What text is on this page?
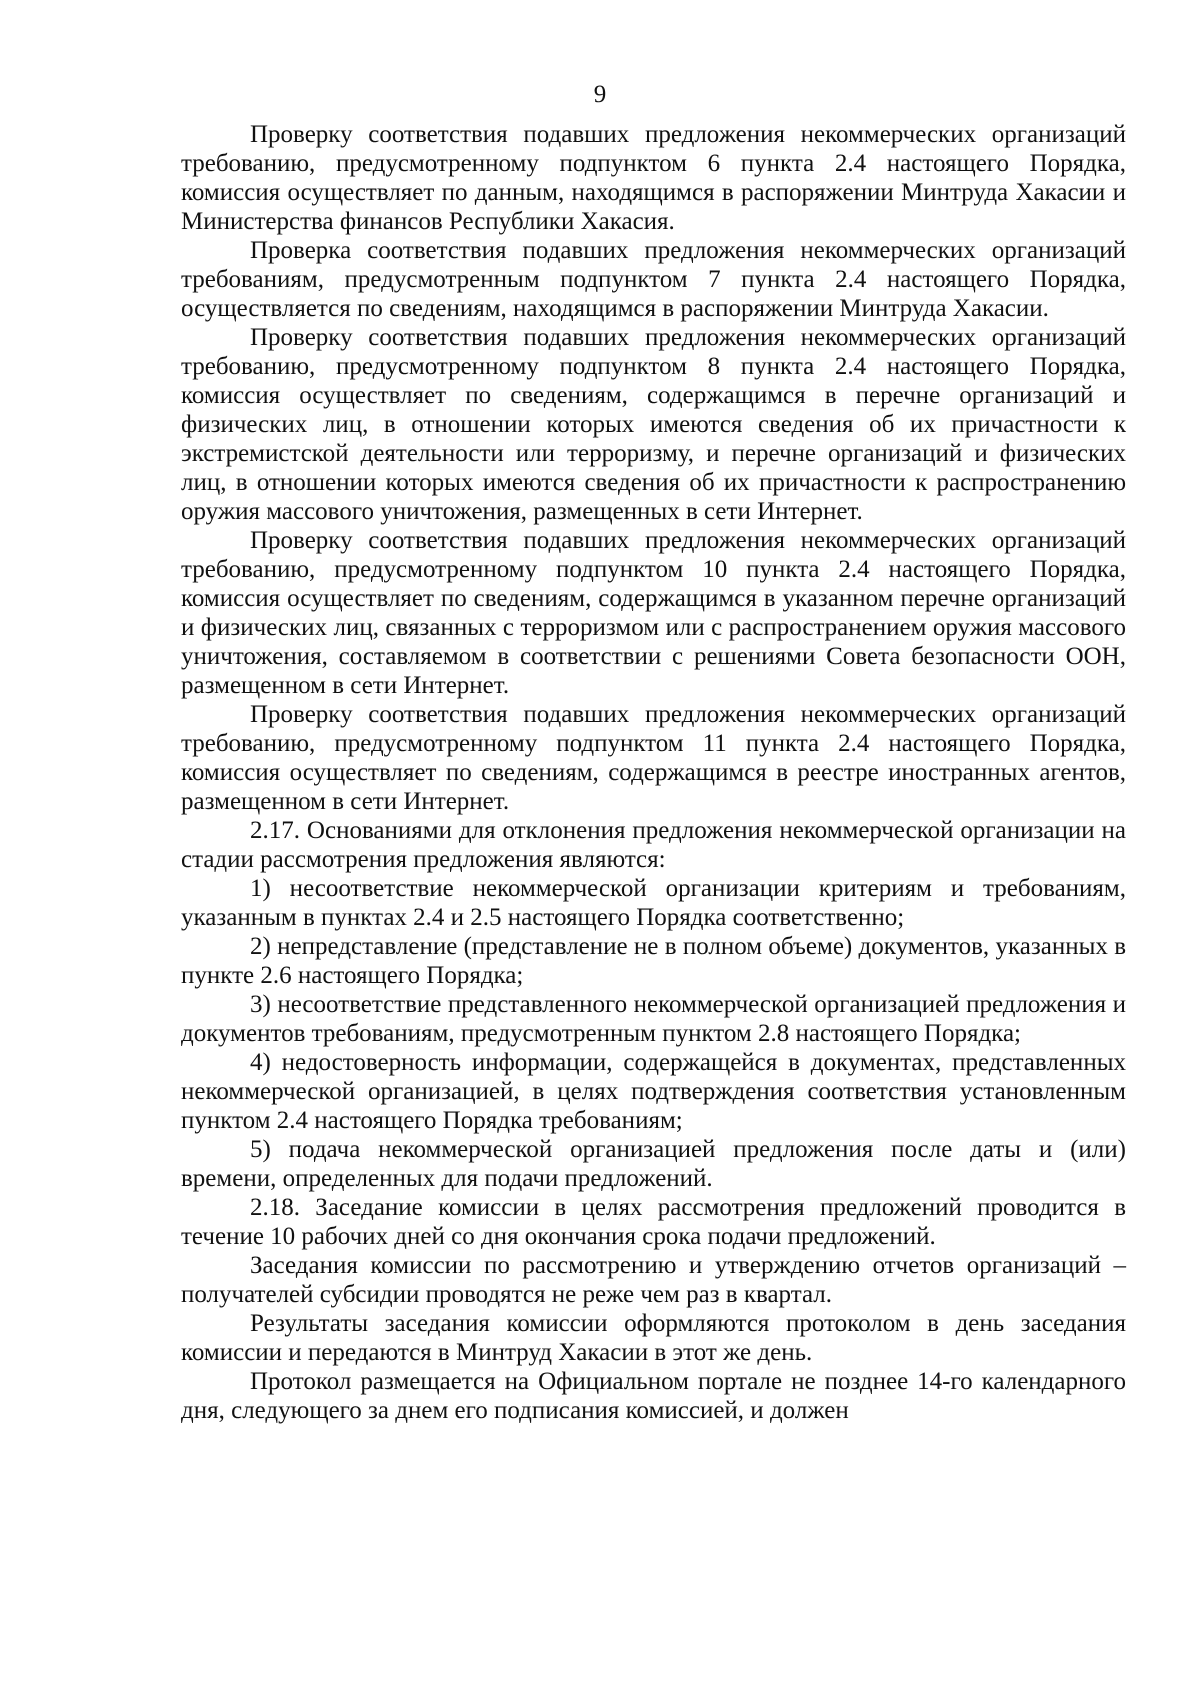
9

Проверку соответствия подавших предложения некоммерческих организаций требованию, предусмотренному подпунктом 6 пункта 2.4 настоящего Порядка, комиссия осуществляет по данным, находящимся в распоряжении Минтруда Хакасии и Министерства финансов Республики Хакасия.

Проверка соответствия подавших предложения некоммерческих организаций требованиям, предусмотренным подпунктом 7 пункта 2.4 настоящего Порядка, осуществляется по сведениям, находящимся в распоряжении Минтруда Хакасии.

Проверку соответствия подавших предложения некоммерческих организаций требованию, предусмотренному подпунктом 8 пункта 2.4 настоящего Порядка, комиссия осуществляет по сведениям, содержащимся в перечне организаций и физических лиц, в отношении которых имеются сведения об их причастности к экстремистской деятельности или терроризму, и перечне организаций и физических лиц, в отношении которых имеются сведения об их причастности к распространению оружия массового уничтожения, размещенных в сети Интернет.

Проверку соответствия подавших предложения некоммерческих организаций требованию, предусмотренному подпунктом 10 пункта 2.4 настоящего Порядка, комиссия осуществляет по сведениям, содержащимся в указанном перечне организаций и физических лиц, связанных с терроризмом или с распространением оружия массового уничтожения, составляемом в соответствии с решениями Совета безопасности ООН, размещенном в сети Интернет.

Проверку соответствия подавших предложения некоммерческих организаций требованию, предусмотренному подпунктом 11 пункта 2.4 настоящего Порядка, комиссия осуществляет по сведениям, содержащимся в реестре иностранных агентов, размещенном в сети Интернет.

2.17. Основаниями для отклонения предложения некоммерческой организации на стадии рассмотрения предложения являются:

1) несоответствие некоммерческой организации критериям и требованиям, указанным в пунктах 2.4 и 2.5 настоящего Порядка соответственно;

2) непредставление (представление не в полном объеме) документов, указанных в пункте 2.6 настоящего Порядка;

3) несоответствие представленного некоммерческой организацией предложения и документов требованиям, предусмотренным пунктом 2.8 настоящего Порядка;

4) недостоверность информации, содержащейся в документах, представленных некоммерческой организацией, в целях подтверждения соответствия установленным пунктом 2.4 настоящего Порядка требованиям;

5) подача некоммерческой организацией предложения после даты и (или) времени, определенных для подачи предложений.

2.18. Заседание комиссии в целях рассмотрения предложений проводится в течение 10 рабочих дней со дня окончания срока подачи предложений.

Заседания комиссии по рассмотрению и утверждению отчетов организаций – получателей субсидии проводятся не реже чем раз в квартал.

Результаты заседания комиссии оформляются протоколом в день заседания комиссии и передаются в Минтруд Хакасии в этот же день.

Протокол размещается на Официальном портале не позднее 14-го календарного дня, следующего за днем его подписания комиссией, и должен
